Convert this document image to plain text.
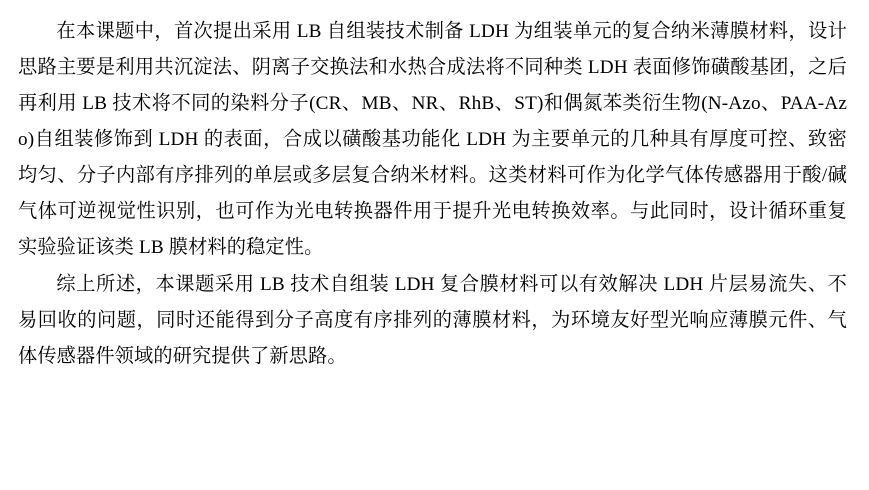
在本课题中，首次提出采用 LB 自组装技术制备 LDH 为组装单元的复合纳米薄膜材料，设计思路主要是利用共沉淀法、阴离子交换法和水热合成法将不同种类 LDH 表面修饰磺酸基团，之后再利用 LB 技术将不同的染料分子(CR、MB、NR、RhB、ST)和偶氮苯类衍生物(N-Azo、PAA-Azo)自组装修饰到 LDH 的表面，合成以磺酸基功能化 LDH 为主要单元的几种具有厚度可控、致密均匀、分子内部有序排列的单层或多层复合纳米材料。这类材料可作为化学气体传感器用于酸/碱气体可逆视觉性识别，也可作为光电转换器件用于提升光电转换效率。与此同时，设计循环重复实验验证该类 LB 膜材料的稳定性。

综上所述，本课题采用 LB 技术自组装 LDH 复合膜材料可以有效解决 LDH 片层易流失、不易回收的问题，同时还能得到分子高度有序排列的薄膜材料，为环境友好型光响应薄膜元件、气体传感器件领域的研究提供了新思路。
